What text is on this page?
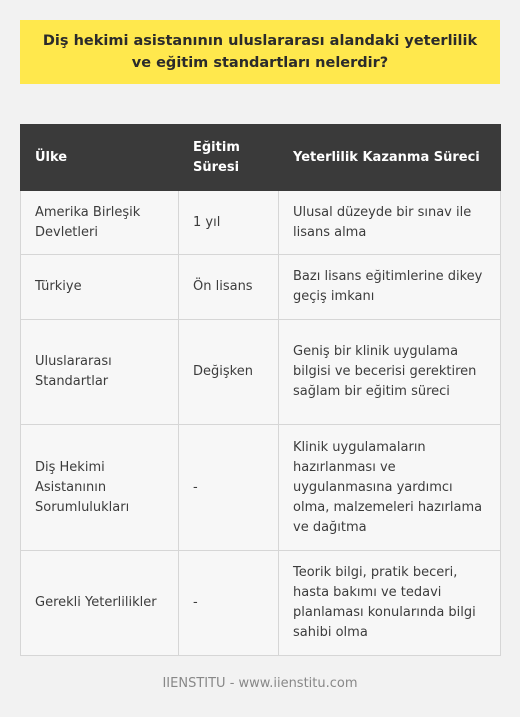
Diş hekimi asistanının uluslararası alandaki yeterlilik ve eğitim standartları nelerdir?
Ülke	Eğitim Süresi	Yeterlilik Kazanma Süreci
Amerika Birleşik Devletleri	1 yıl	Ulusal düzeyde bir sınav ile lisans alma
Türkiye	Ön lisans	Bazı lisans eğitimlerine dikey geçiş imkanı
Uluslararası Standartlar	Değişken	Geniş bir klinik uygulama bilgisi ve becerisi gerektiren sağlam bir eğitim süreci
Diş Hekimi Asistanının Sorumlulukları	-	Klinik uygulamaların hazırlanması ve uygulanmasına yardımcı olma, malzemeleri hazırlama ve dağıtma
Gerekli Yeterlilikler	-	Teorik bilgi, pratik beceri, hasta bakımı ve tedavi planlaması konularında bilgi sahibi olma
IIENSTITU - www.iienstitu.com
